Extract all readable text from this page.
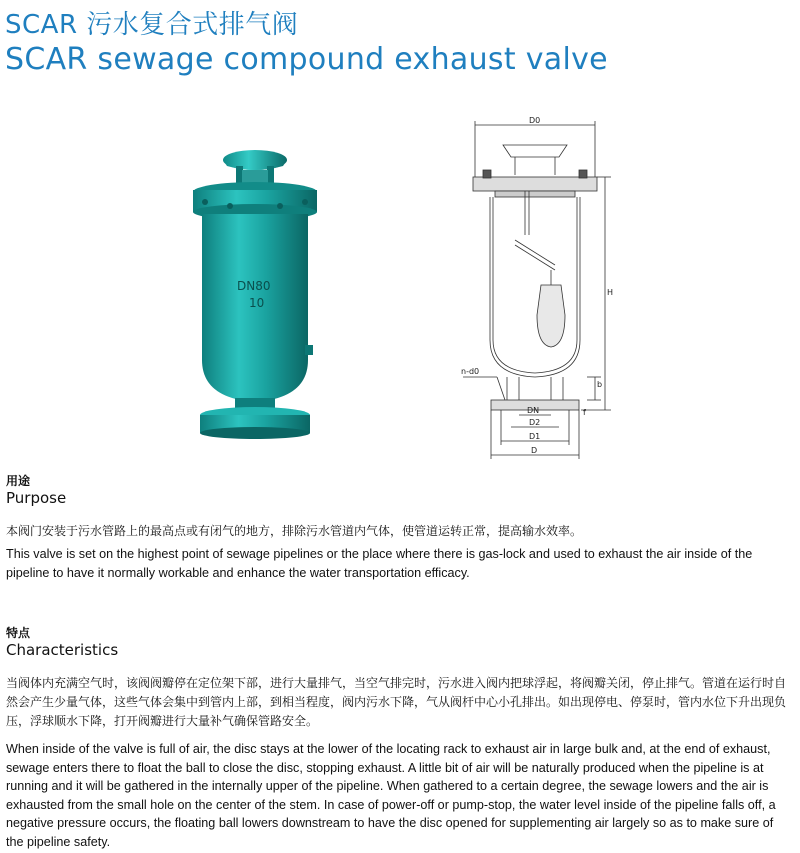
SCAR 污水复合式排气阀
SCAR sewage compound exhaust valve
DN80
10
D0
H
n-d0
b
f
DN
D2
D1
D
用途
Purpose
本阀门安装于污水管路上的最高点或有闭气的地方，排除污水管道内气体，使管道运转正常，提高输水效率。
This valve is set on the highest point of sewage pipelines or the place where there is gas-lock and used to exhaust the air inside of the pipeline to have it normally workable and enhance the water transportation efficacy.
特点
Characteristics
当阀体内充满空气时，该阀阀瓣停在定位架下部，进行大量排气，当空气排完时，污水进入阀内把球浮起，将阀瓣关闭，停止排气。管道在运行时自然会产生少量气体，这些气体会集中到管内上部，到相当程度，阀内污水下降，气从阀杆中心小孔排出。如出现停电、停泵时，管内水位下升出现负压，浮球顺水下降，打开阀瓣进行大量补气确保管路安全。
When inside of the valve is full of air, the disc stays at the lower of the locating rack to exhaust air in large bulk and, at the end of exhaust, sewage enters there to float the ball to close the disc, stopping exhaust. A little bit of air will be naturally produced when the pipeline is at running and it will be gathered in the internally upper of the pipeline. When gathered to a certain degree, the sewage lowers and the air is exhausted from the small hole on the center of the stem. In case of power-off or pump-stop, the water level inside of the pipeline falls off, a negative pressure occurs, the floating ball lowers downstream to have the disc opened for supplementing air largely so as to make sure of the pipeline safety.
